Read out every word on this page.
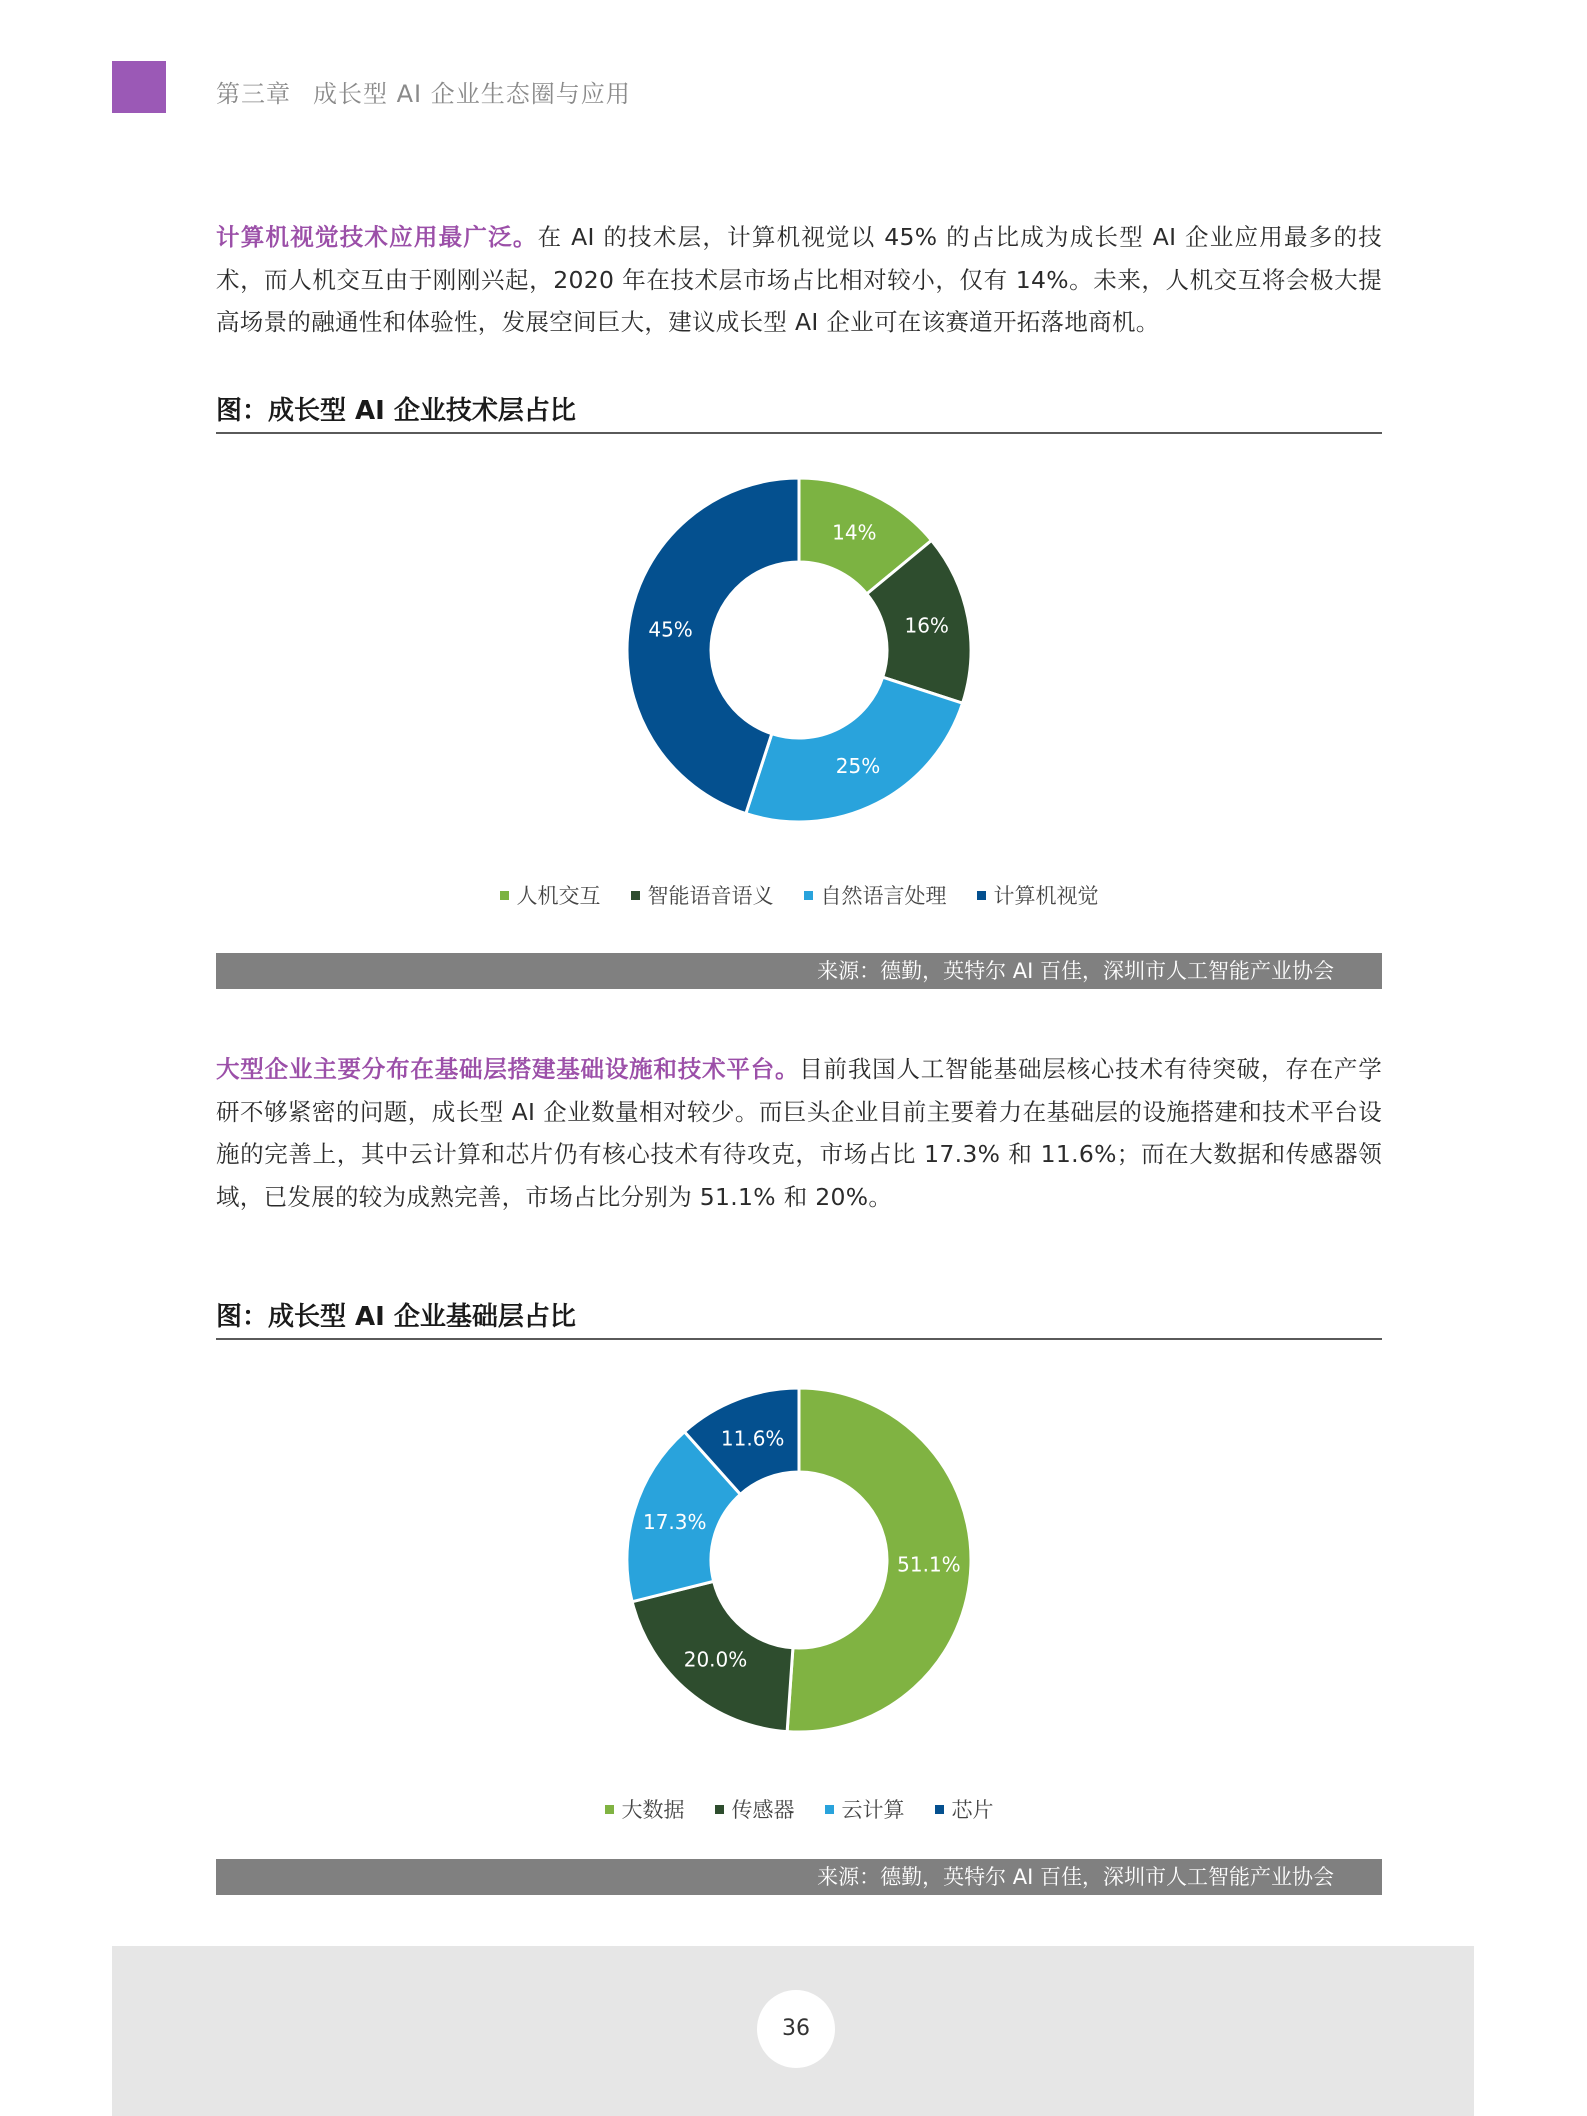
第三章 成长型 AI 企业生态圈与应用
计算机视觉技术应用最广泛。在 AI 的技术层，计算机视觉以 45% 的占比成为成长型 AI 企业应用最多的技术，而人机交互由于刚刚兴起，2020 年在技术层市场占比相对较小，仅有 14%。未来，人机交互将会极大提高场景的融通性和体验性，发展空间巨大，建议成长型 AI 企业可在该赛道开拓落地商机。
图：成长型 AI 企业技术层占比
14%
16%
25%
45%
人机交互 智能语音语义 自然语言处理 计算机视觉
来源：德勤，英特尔 AI 百佳，深圳市人工智能产业协会
大型企业主要分布在基础层搭建基础设施和技术平台。目前我国人工智能基础层核心技术有待突破，存在产学研不够紧密的问题，成长型 AI 企业数量相对较少。而巨头企业目前主要着力在基础层的设施搭建和技术平台设施的完善上，其中云计算和芯片仍有核心技术有待攻克，市场占比 17.3% 和 11.6%；而在大数据和传感器领域，已发展的较为成熟完善，市场占比分别为 51.1% 和 20%。
图：成长型 AI 企业基础层占比
51.1%
20.0%
17.3%
11.6%
大数据 传感器 云计算 芯片
来源：德勤，英特尔 AI 百佳，深圳市人工智能产业协会
36
